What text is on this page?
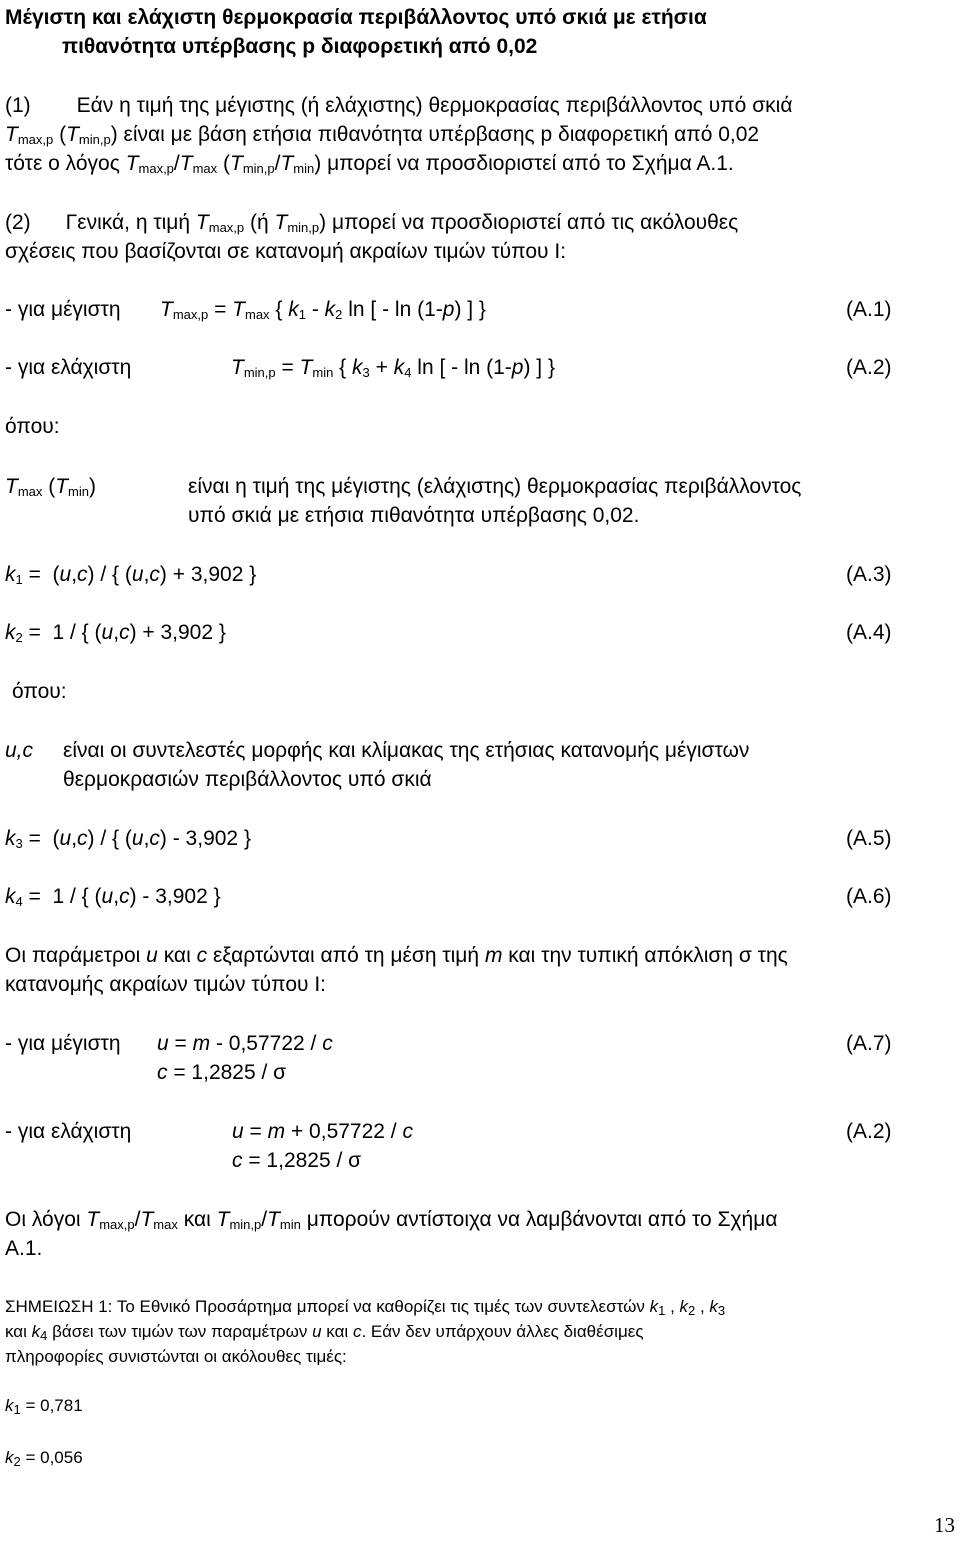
Μέγιστη και ελάχιστη θερμοκρασία περιβάλλοντος υπό σκιά με ετήσια
πιθανότητα υπέρβασης p διαφορετική από 0,02
(1) Εάν η τιμή της μέγιστης (ή ελάχιστης) θερμοκρασίας περιβάλλοντος υπό σκιά
$T_{max,p}$ $(T_{min,p})$ είναι με βάση ετήσια πιθανότητα υπέρβασης p διαφορετική από 0,02
τότε ο λόγος $T_{max,p}/T_{max}$ $(T_{min,p}/T_{min})$ μπορεί να προσδιοριστεί από το Σχήμα Α.1.
(2) Γενικά, η τιμή $T_{max,p}$ (ή $T_{min,p}$) μπορεί να προσδιοριστεί από τις ακόλουθες
σχέσεις που βασίζονται σε κατανομή ακραίων τιμών τύπου Ι:
- για μέγιστη $T_{max,p} = T_{max}$ { $k_1 - k_2$ ln [ - ln (1-p) ] }	(Α.1)
- για ελάχιστη	$T_{min,p} = T_{min}$ { $k_3 + k_4$ ln [ - ln (1-p) ] }	(Α.2)
όπου:
$T_{max}$ $(T_{min})$	είναι η τιμή της μέγιστης (ελάχιστης) θερμοκρασίας περιβάλλοντος
υπό σκιά με ετήσια πιθανότητα υπέρβασης 0,02.
$k_1 = (u,c)$ / { (u,c) + 3,902 }	(Α.3)
$k_2 = 1$ / { (u,c) + 3,902 }	(Α.4)
όπου:
u,c είναι οι συντελεστές μορφής και κλίμακας της ετήσιας κατανομής μέγιστων
θερμοκρασιών περιβάλλοντος υπό σκιά
$k_3 = (u,c)$ / { (u,c) - 3,902 }	(Α.5)
$k_4 = 1$ / { (u,c) - 3,902 }	(Α.6)
Οι παράμετροι u και c εξαρτώνται από τη μέση τιμή m και την τυπική απόκλιση σ της
κατανομής ακραίων τιμών τύπου Ι:
- για μέγιστη u = m - 0,57722 / c
c = 1,2825 / σ
(Α.7)
- για ελάχιστη	u = m + 0,57722 / c
c = 1,2825 / σ
(Α.2)
Οι λόγοι $T_{max,p}/T_{max}$ και $T_{min,p}/T_{min}$ μπορούν αντίστοιχα να λαμβάνονται από το Σχήμα
Α.1.
ΣΗΜΕΙΩΣΗ 1: Το Εθνικό Προσάρτημα μπορεί να καθορίζει τις τιμές των συντελεστών $k_1$ , $k_2$ , $k_3$
και $k_4$ βάσει των τιμών των παραμέτρων u και c. Εάν δεν υπάρχουν άλλες διαθέσιμες
πληροφορίες συνιστώνται οι ακόλουθες τιμές:
$k_1 = 0,781$
$k_2 = 0,056$
13
